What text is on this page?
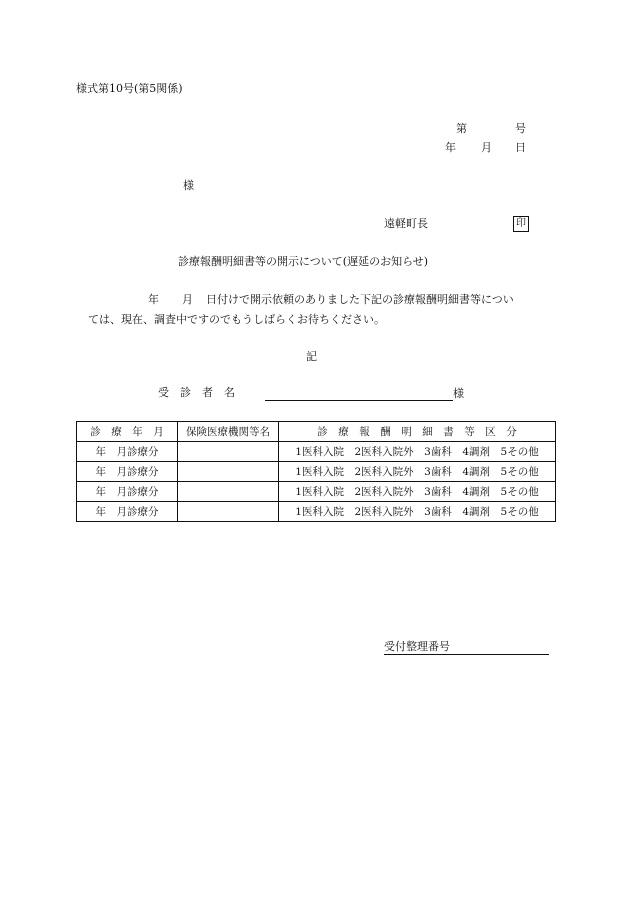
様式第10号(第5関係)
第	号
年 月 日
様
遠軽町長	印
診療報酬明細書等の開示について(遅延のお知らせ)
年 月 日付けで開示依頼のありました下記の診療報酬明細書等につい
ては、現在、調査中ですのでもうしばらくお待ちください。
記
受　診　者　名	様
診　療　年　月	保険医療機関等名	診　療　報　酬　明　細　書　等　区　分
年　月診療分		1医科入院　2医科入院外　3歯科　4調剤　5その他
年　月診療分		1医科入院　2医科入院外　3歯科　4調剤　5その他
年　月診療分		1医科入院　2医科入院外　3歯科　4調剤　5その他
年　月診療分		1医科入院　2医科入院外　3歯科　4調剤　5その他
受付整理番号
